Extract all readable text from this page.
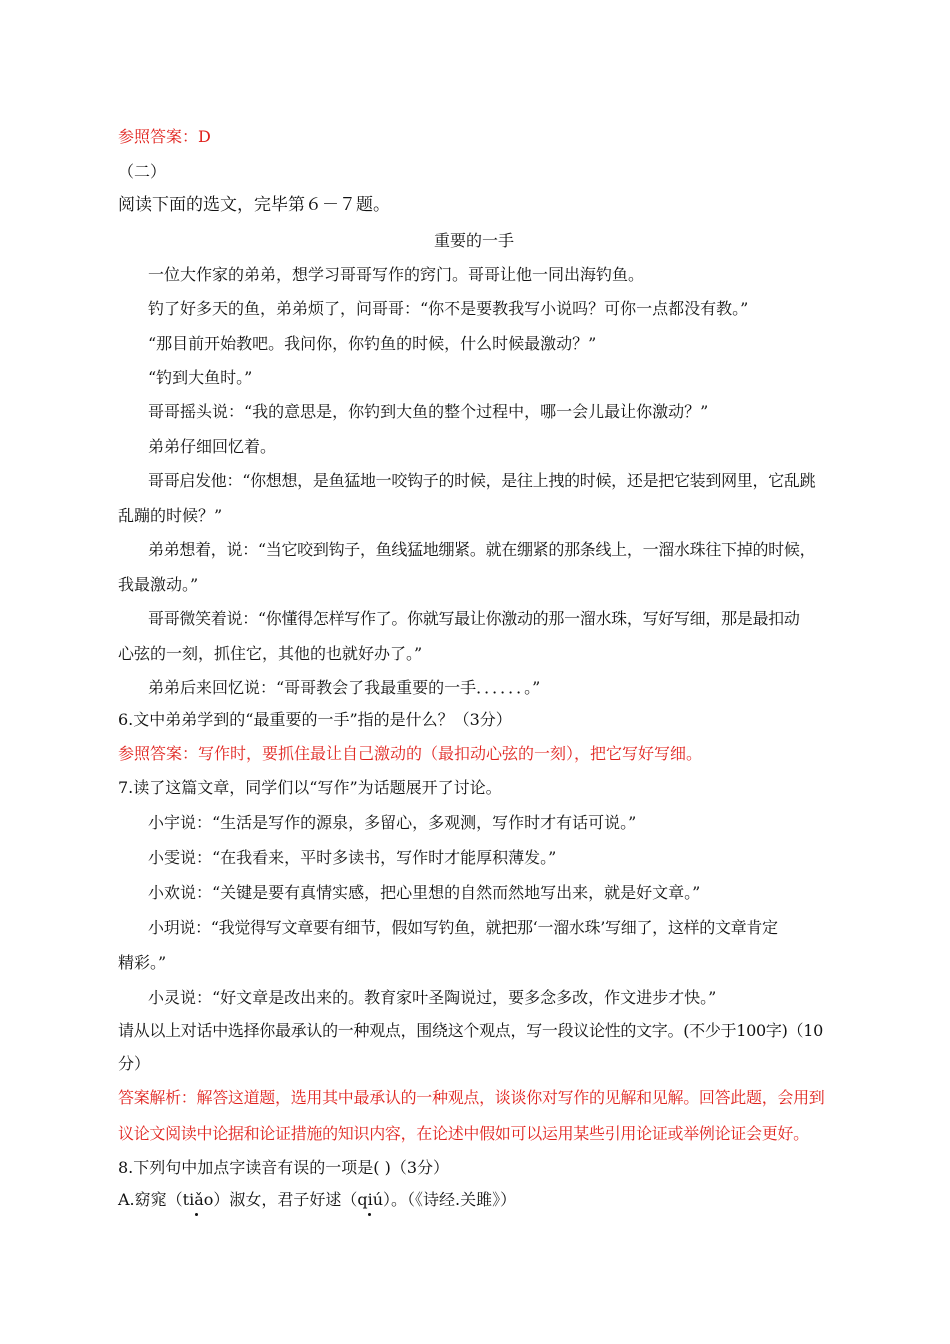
参照答案：D
（二）
阅读下面的选文，完毕第６－７题。
重要的一手
一位大作家的弟弟，想学习哥哥写作的窍门。哥哥让他一同出海钓鱼。
钓了好多天的鱼，弟弟烦了，问哥哥：“你不是要教我写小说吗？可你一点都没有教。”
“那目前开始教吧。我问你，你钓鱼的时候，什么时候最激动？”
“钓到大鱼时。”
哥哥摇头说：“我的意思是，你钓到大鱼的整个过程中，哪一会儿最让你激动？”
弟弟仔细回忆着。
哥哥启发他：“你想想，是鱼猛地一咬钩子的时候，是往上拽的时候，还是把它装到网里，它乱跳
乱蹦的时候？”
弟弟想着，说：“当它咬到钩子，鱼线猛地绷紧。就在绷紧的那条线上，一溜水珠往下掉的时候，
我最激动。”
哥哥微笑着说：“你懂得怎样写作了。你就写最让你激动的那一溜水珠，写好写细，那是最扣动
心弦的一刻，抓住它，其他的也就好办了。”
弟弟后来回忆说：“哥哥教会了我最重要的一手．．．．．．。”
6.文中弟弟学到的“最重要的一手”指的是什么？（3分）
参照答案：写作时，要抓住最让自己激动的（最扣动心弦的一刻），把它写好写细。
7.读了这篇文章，同学们以“写作”为话题展开了讨论。
小宇说：“生活是写作的源泉，多留心，多观测，写作时才有话可说。”
小雯说：“在我看来，平时多读书，写作时才能厚积薄发。”
小欢说：“关键是要有真情实感，把心里想的自然而然地写出来，就是好文章。”
小玥说：“我觉得写文章要有细节，假如写钓鱼，就把那‘一溜水珠’写细了，这样的文章肯定
精彩。”
小灵说：“好文章是改出来的。教育家叶圣陶说过，要多念多改，作文进步才快。”
请从以上对话中选择你最承认的一种观点，围绕这个观点，写一段议论性的文字。(不少于100字)（10
分）
答案解析：解答这道题，选用其中最承认的一种观点，谈谈你对写作的见解和见解。回答此题，会用到
议论文阅读中论据和论证措施的知识内容，在论述中假如可以运用某些引用论证或举例论证会更好。
8.下列句中加点字读音有误的一项是( )（3分）
A.窈窕（tiǎo）淑女，君子好逑（qiú）。（《诗经.关雎》）
